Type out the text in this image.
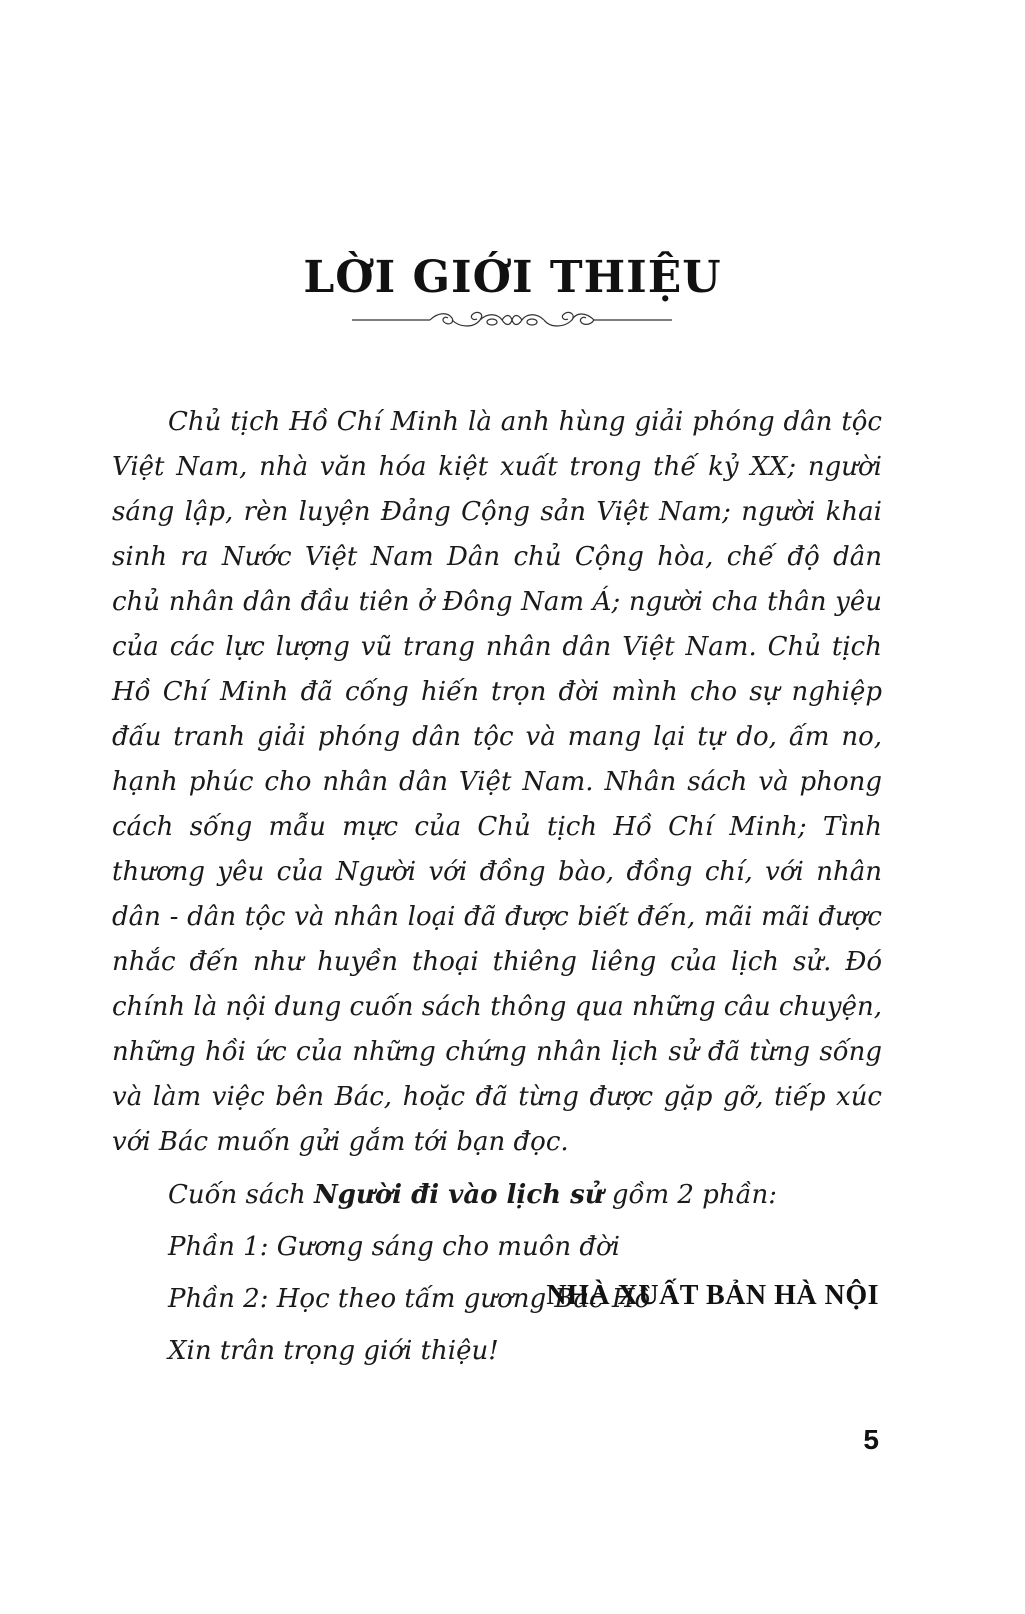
LỜI GIỚI THIỆU

Chủ tịch Hồ Chí Minh là anh hùng giải phóng dân tộc Việt Nam, nhà văn hóa kiệt xuất trong thế kỷ XX; người sáng lập, rèn luyện Đảng Cộng sản Việt Nam; người khai sinh ra Nước Việt Nam Dân chủ Cộng hòa, chế độ dân chủ nhân dân đầu tiên ở Đông Nam Á; người cha thân yêu của các lực lượng vũ trang nhân dân Việt Nam. Chủ tịch Hồ Chí Minh đã cống hiến trọn đời mình cho sự nghiệp đấu tranh giải phóng dân tộc và mang lại tự do, ấm no, hạnh phúc cho nhân dân Việt Nam. Nhân sách và phong cách sống mẫu mực của Chủ tịch Hồ Chí Minh; Tình thương yêu của Người với đồng bào, đồng chí, với nhân dân - dân tộc và nhân loại đã được biết đến, mãi mãi được nhắc đến như huyền thoại thiêng liêng của lịch sử. Đó chính là nội dung cuốn sách thông qua những câu chuyện, những hồi ức của những chứng nhân lịch sử đã từng sống và làm việc bên Bác, hoặc đã từng được gặp gỡ, tiếp xúc với Bác muốn gửi gắm tới bạn đọc.

Cuốn sách Người đi vào lịch sử gồm 2 phần:

Phần 1: Gương sáng cho muôn đời

Phần 2: Học theo tấm gương Bác Hồ

Xin trân trọng giới thiệu!

NHÀ XUẤT BẢN HÀ NỘI

5
